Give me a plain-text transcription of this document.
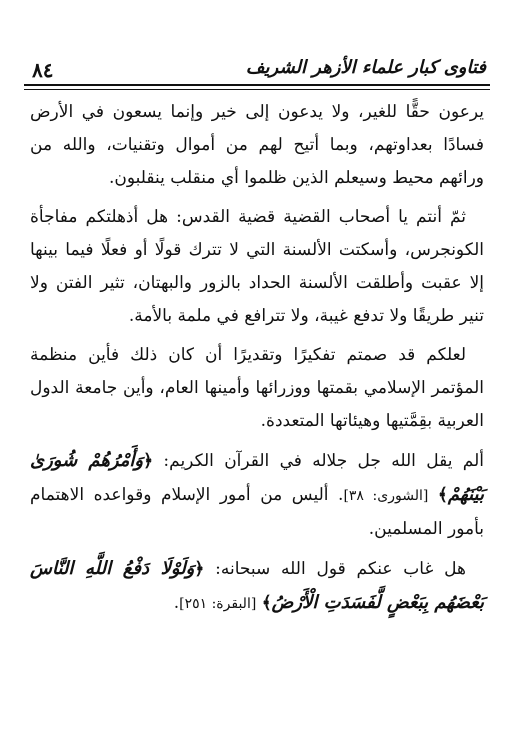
٨٤	فتاوى كبار علماء الأزهر الشريف

يرعون حقًّا للغير، ولا يدعون إلى خير وإنما يسعون في الأرض فسادًا بعداوتهم، وبما أتيح لهم من أموال وتقنيات، والله من ورائهم محيط وسيعلم الذين ظلموا أي منقلب ينقلبون.

ثمّ أنتم يا أصحاب القضية قضية القدس: هل أذهلتكم مفاجأة الكونجرس، وأسكتت الألسنة التي لا تترك قولًا أو فعلًا فيما بينها إلا عقبت وأطلقت الألسنة الحداد بالزور والبهتان، تثير الفتن ولا تنير طريقًا ولا تدفع غيبة، ولا تترافع في ملمة بالأمة.

لعلكم قد صمتم تفكيرًا وتقديرًا أن كان ذلك فأين منظمة المؤتمر الإسلامي بقمتها ووزرائها وأمينها العام، وأين جامعة الدول العربية بقِمَّتيها وهيئاتها المتعددة.

ألم يقل الله جل جلاله في القرآن الكريم: ﴿وَأَمْرُهُمْ شُورَىٰ بَيْنَهُمْ﴾ [الشورى: ٣٨]. أليس من أمور الإسلام وقواعده الاهتمام بأمور المسلمين.

هل غاب عنكم قول الله سبحانه: ﴿وَلَوْلَا دَفْعُ اللَّهِ النَّاسَ بَعْضَهُم بِبَعْضٍ لَّفَسَدَتِ الْأَرْضُ﴾ [البقرة: ٢٥١].
